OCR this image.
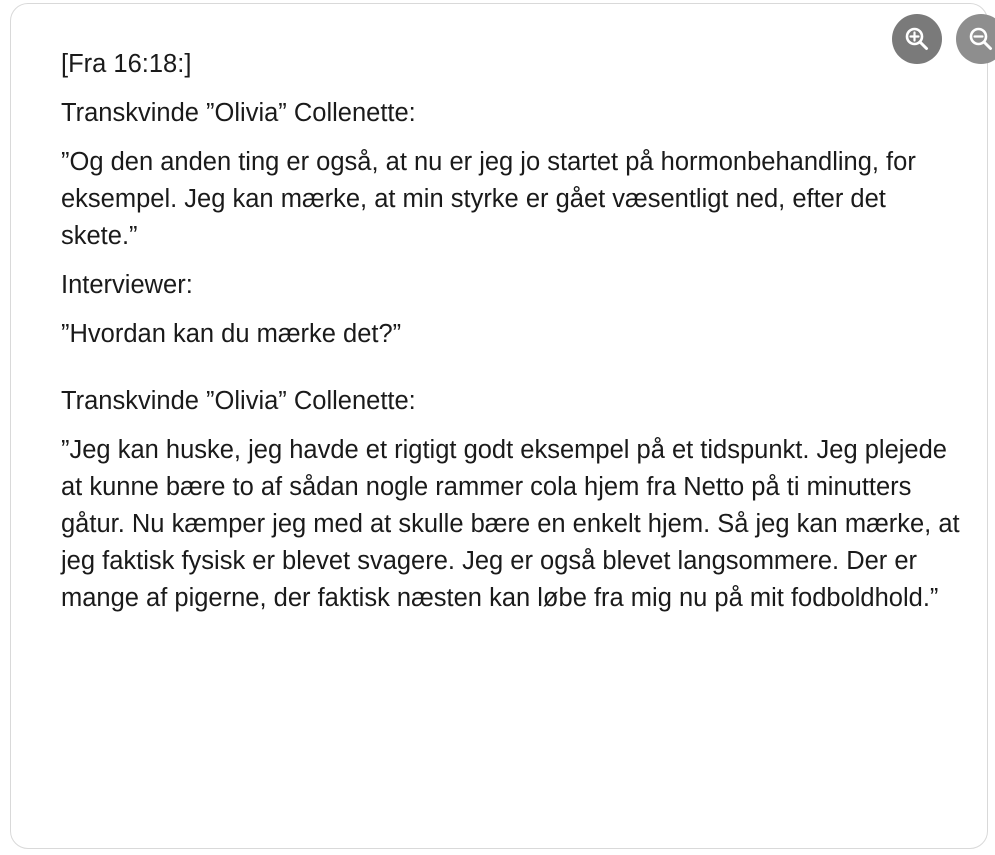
[Fra 16:18:]

Transkvinde ”Olivia” Collenette:

”Og den anden ting er også, at nu er jeg jo startet på hormonbehandling, for eksempel. Jeg kan mærke, at min styrke er gået væsentligt ned, efter det skete.”

Interviewer:

”Hvordan kan du mærke det?”

Transkvinde ”Olivia” Collenette:

”Jeg kan huske, jeg havde et rigtigt godt eksempel på et tidspunkt. Jeg plejede at kunne bære to af sådan nogle rammer cola hjem fra Netto på ti minutters gåtur. Nu kæmper jeg med at skulle bære en enkelt hjem. Så jeg kan mærke, at jeg faktisk fysisk er blevet svagere. Jeg er også blevet langsommere. Der er mange af pigerne, der faktisk næsten kan løbe fra mig nu på mit fodboldhold.”
